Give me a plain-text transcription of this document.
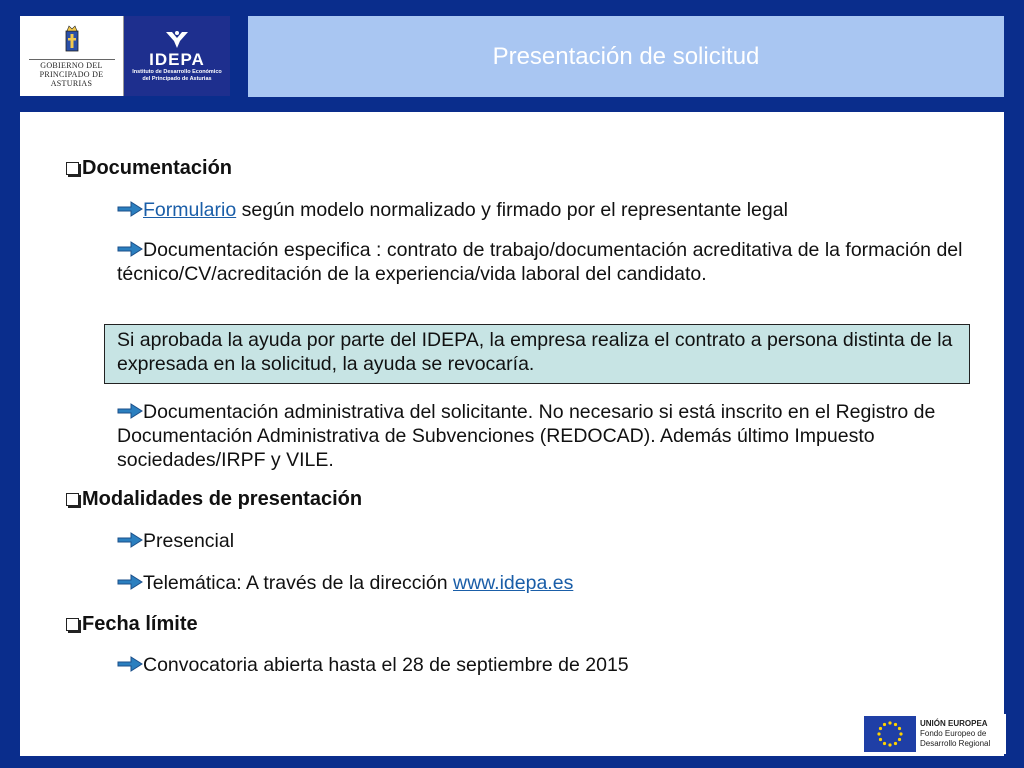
GOBIERNO DEL
PRINCIPADO DE ASTURIAS
IDEPA
Instituto de Desarrollo Económico
del Principado de Asturias
Presentación de solicitud
Documentación
Formulario según modelo normalizado y firmado por el representante legal
Documentación especifica : contrato de trabajo/documentación acreditativa de la formación del técnico/CV/acreditación de la experiencia/vida laboral del candidato.
Si aprobada la ayuda por parte del IDEPA, la empresa realiza el contrato a persona distinta de la expresada en la solicitud, la ayuda se revocaría.
Documentación administrativa del solicitante. No necesario si está inscrito en el Registro de Documentación Administrativa de Subvenciones (REDOCAD). Además último Impuesto sociedades/IRPF y VILE.
Modalidades de presentación
Presencial
Telemática: A través de la dirección www.idepa.es
Fecha límite
Convocatoria abierta hasta el 28 de septiembre de 2015
UNIÓN EUROPEA
Fondo Europeo de
Desarrollo Regional
